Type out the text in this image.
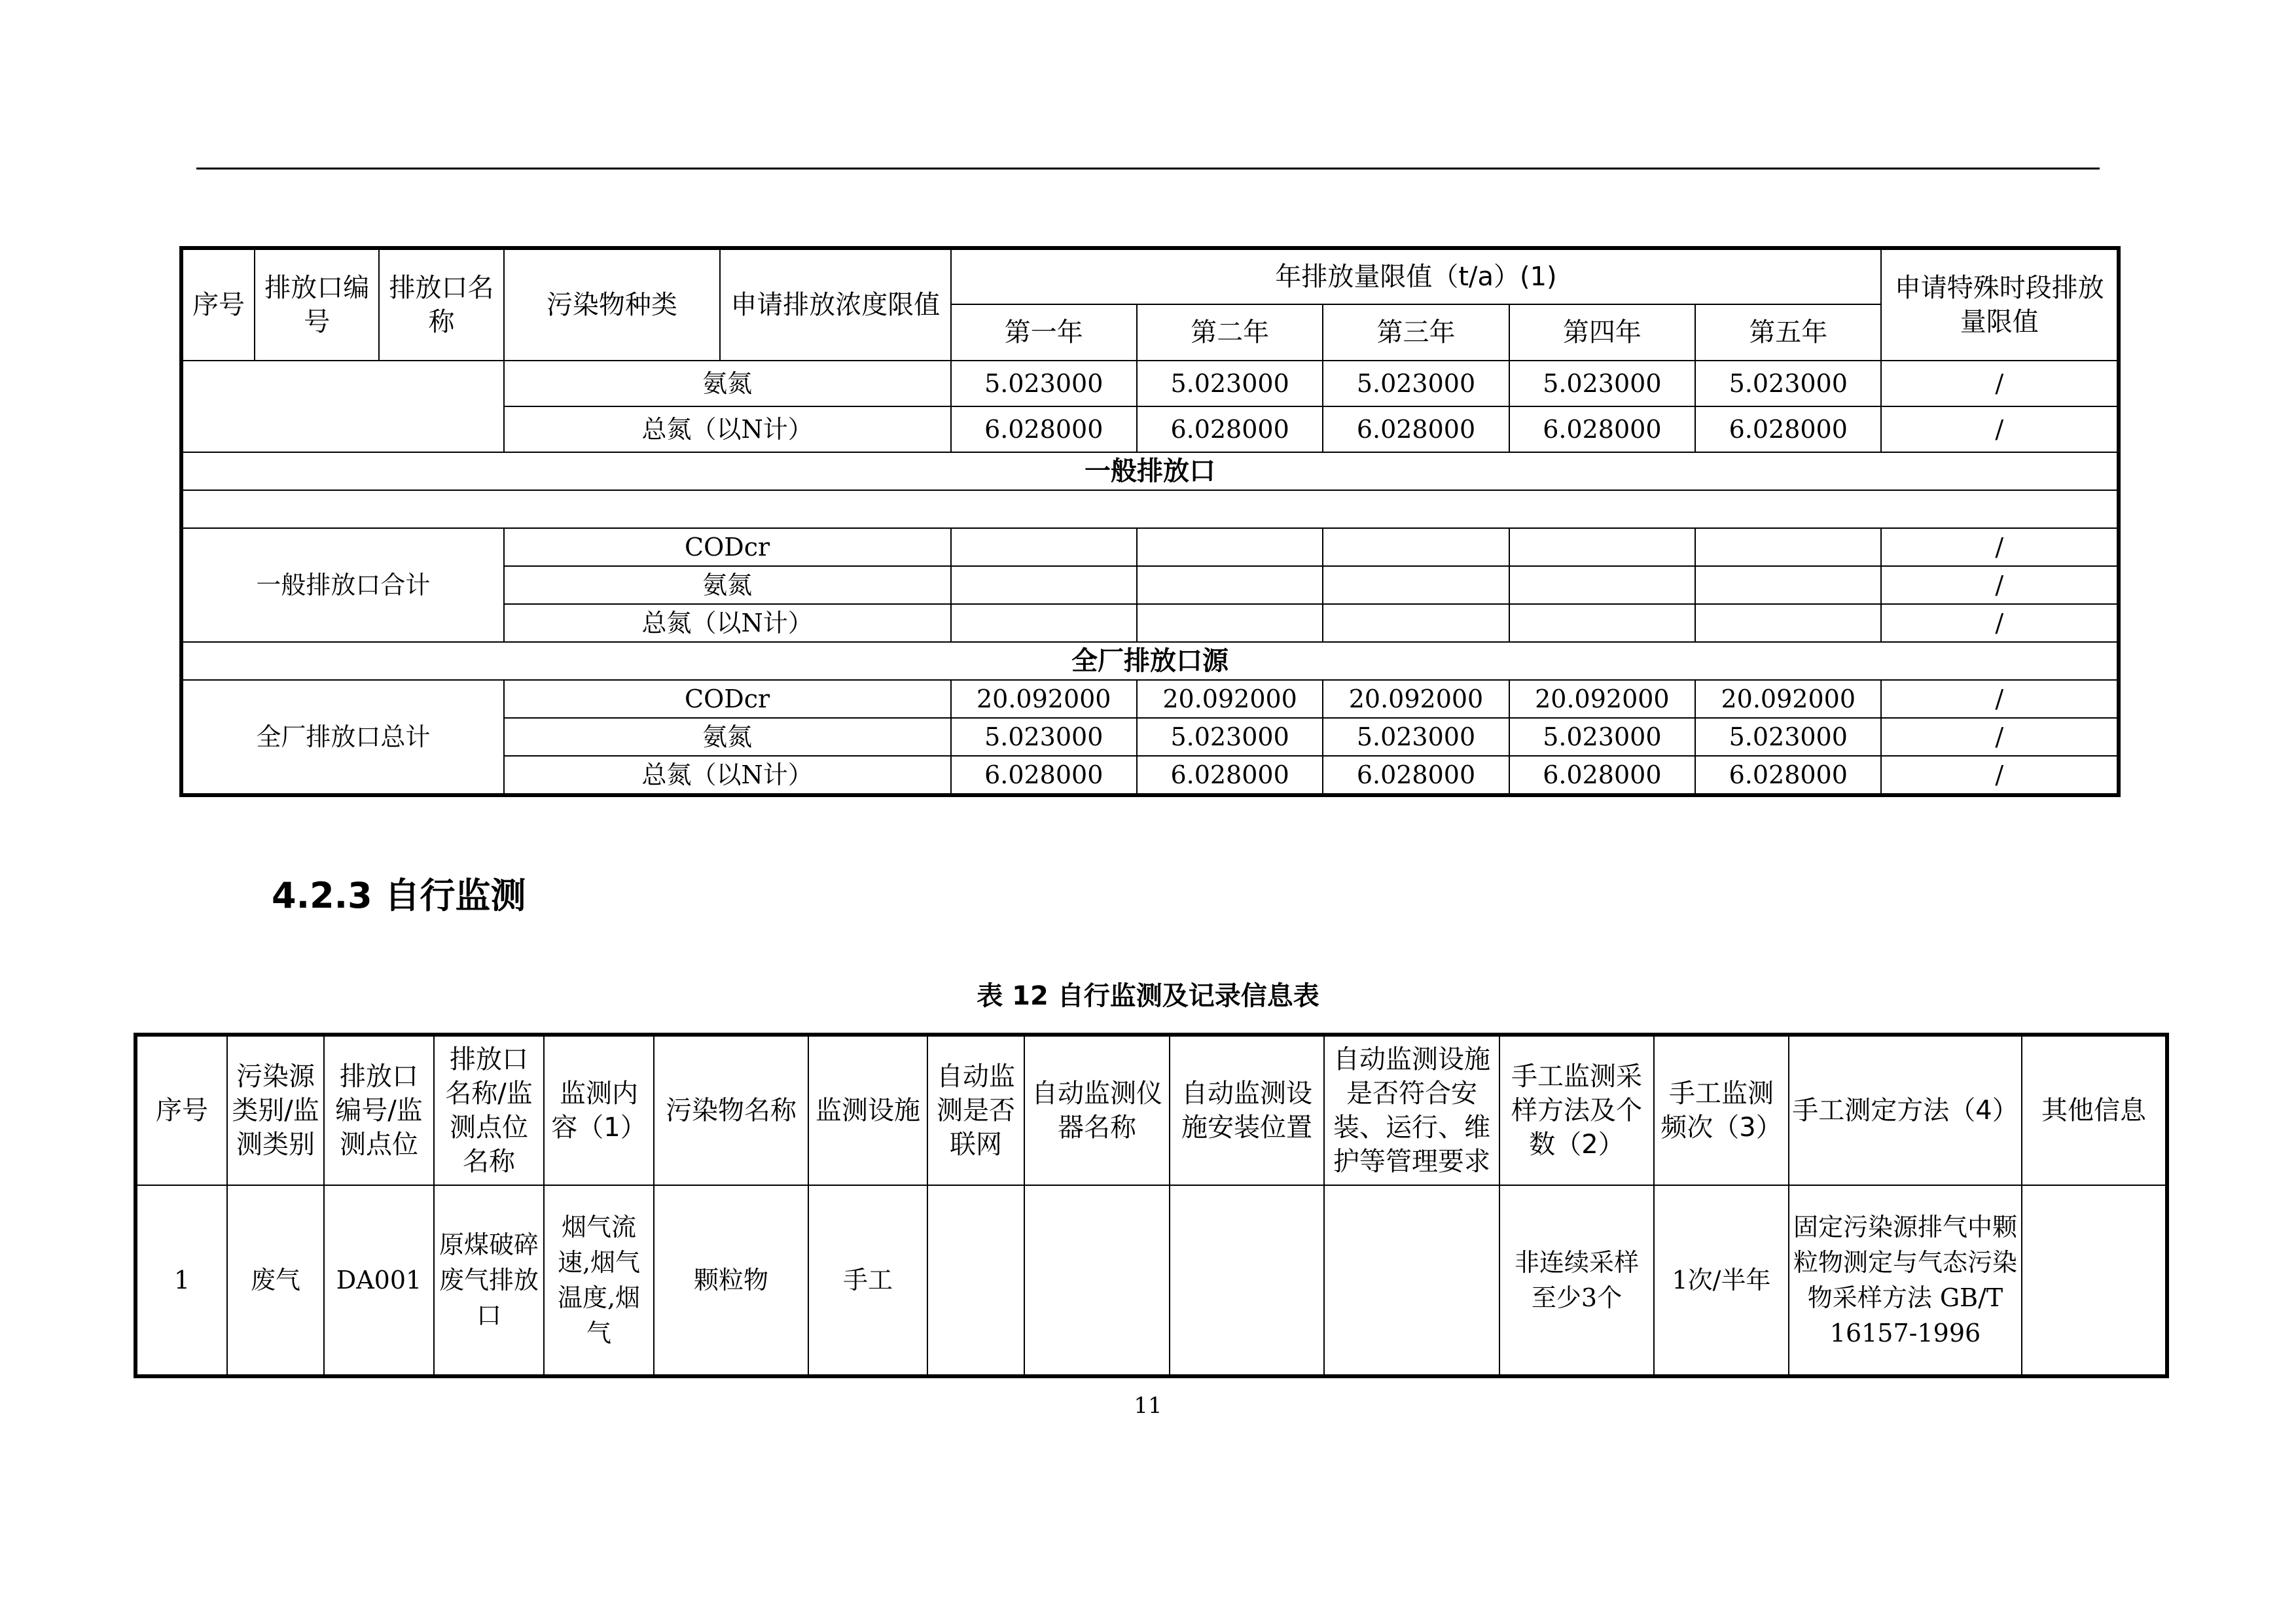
序号	排放口编号	排放口名称	污染物种类	申请排放浓度限值	年排放量限值（t/a）(1)					申请特殊时段排放量限值
					第一年	第二年	第三年	第四年	第五年	
			氨氮		5.023000	5.023000	5.023000	5.023000	5.023000	/
			总氮（以N计）		6.028000	6.028000	6.028000	6.028000	6.028000	/
一般排放口										

一般排放口合计			CODcr							/
			氨氮							/
			总氮（以N计）							/
全厂排放口源										
全厂排放口总计			CODcr		20.092000	20.092000	20.092000	20.092000	20.092000	/
			氨氮		5.023000	5.023000	5.023000	5.023000	5.023000	/
			总氮（以N计）		6.028000	6.028000	6.028000	6.028000	6.028000	/
4.2.3 自行监测
表 12 自行监测及记录信息表
序号	污染源类别/监测类别	排放口编号/监测点位	排放口名称/监测点位名称	监测内容（1）	污染物名称	监测设施	自动监测是否联网	自动监测仪器名称	自动监测设施安装位置	自动监测设施是否符合安装、运行、维护等管理要求	手工监测采样方法及个数（2）	手工监测频次（3）	手工测定方法（4）	其他信息
1	废气	DA001	原煤破碎废气排放口	烟气流速,烟气温度,烟气	颗粒物	手工					非连续采样 至少3个	1次/半年	固定污染源排气中颗粒物测定与气态污染物采样方法 GB/T 16157-1996	
11
